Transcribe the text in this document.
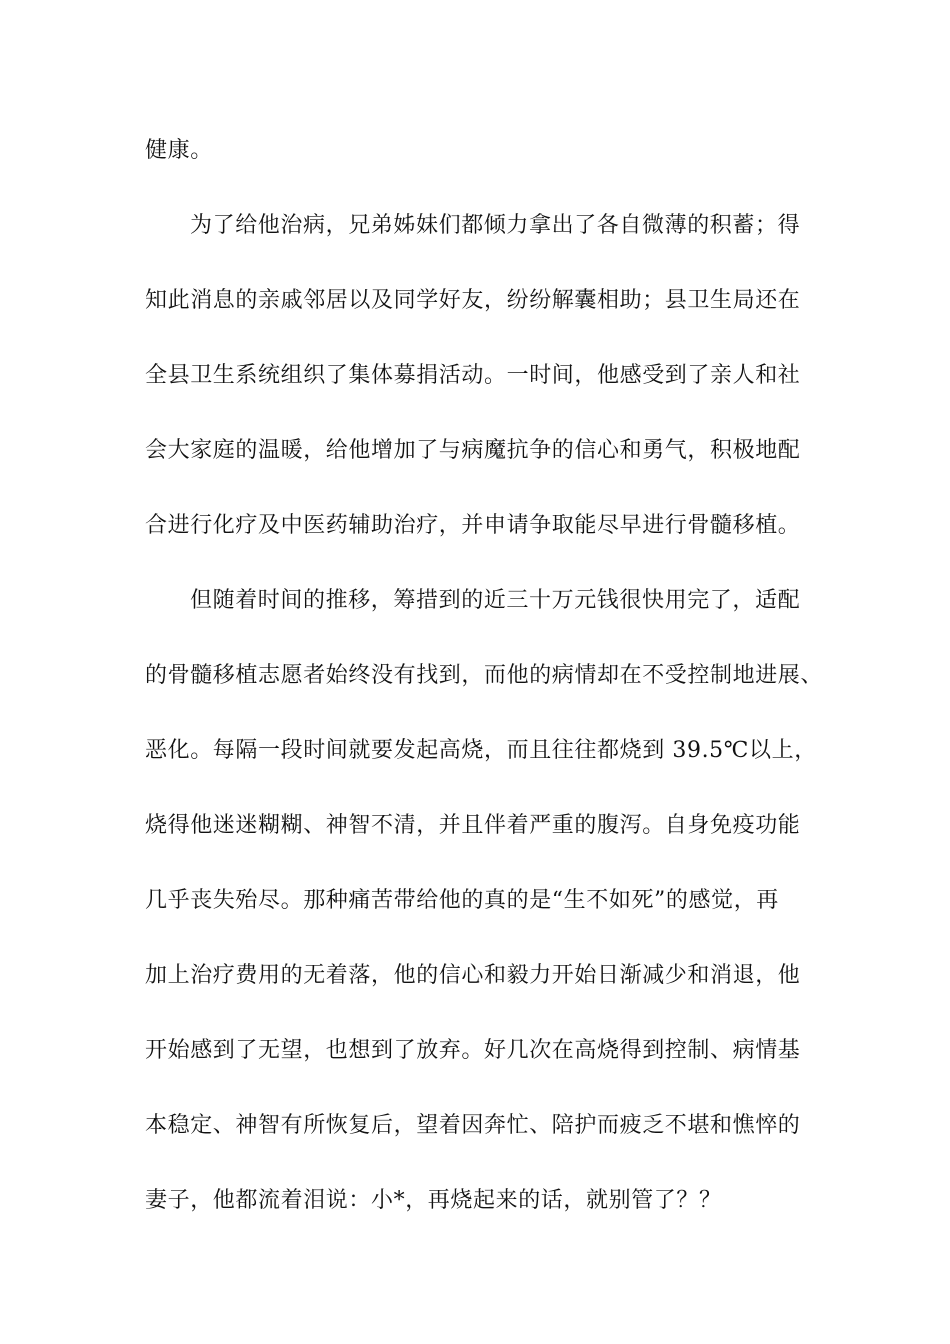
健康。
为了给他治病，兄弟姊妹们都倾力拿出了各自微薄的积蓄；得
知此消息的亲戚邻居以及同学好友，纷纷解囊相助；县卫生局还在
全县卫生系统组织了集体募捐活动。一时间，他感受到了亲人和社
会大家庭的温暖，给他增加了与病魔抗争的信心和勇气，积极地配
合进行化疗及中医药辅助治疗，并申请争取能尽早进行骨髓移植。
但随着时间的推移，筹措到的近三十万元钱很快用完了，适配
的骨髓移植志愿者始终没有找到，而他的病情却在不受控制地进展、
恶化。每隔一段时间就要发起高烧，而且往往都烧到 39.5℃以上，
烧得他迷迷糊糊、神智不清，并且伴着严重的腹泻。自身免疫功能
几乎丧失殆尽。那种痛苦带给他的真的是“生不如死”的感觉，再
加上治疗费用的无着落，他的信心和毅力开始日渐减少和消退，他
开始感到了无望，也想到了放弃。好几次在高烧得到控制、病情基
本稳定、神智有所恢复后，望着因奔忙、陪护而疲乏不堪和憔悴的
妻子，他都流着泪说：小*，再烧起来的话，就别管了？？
